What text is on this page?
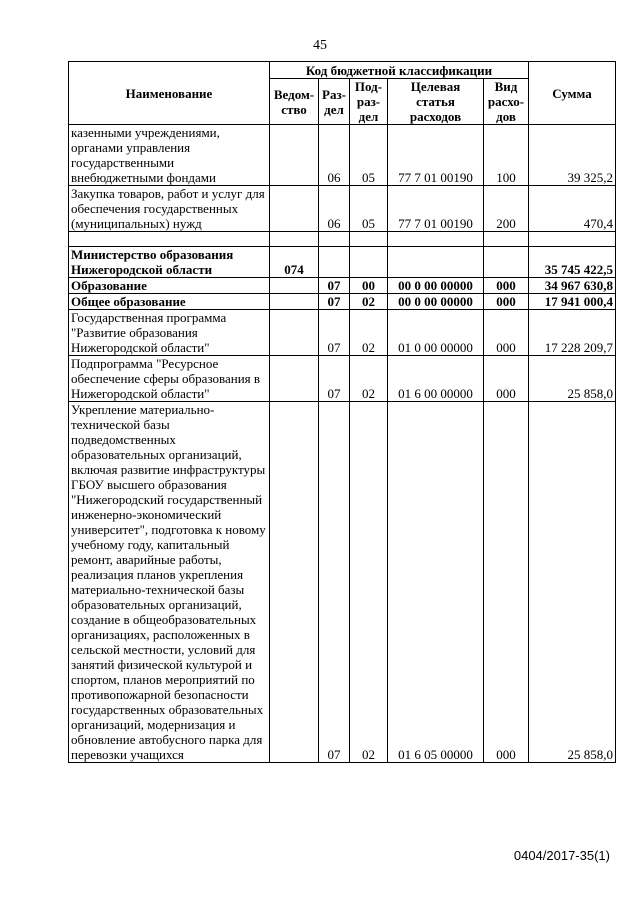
45
Наименование	Код бюджетной классификации					Сумма
	Ведом-ство	Раз-дел	Под-раз-дел	Целевая статья расходов	Вид расхо-дов	
казенными учреждениями, органами управления государственными внебюджетными фондами		06	05	77 7 01 00190	100	39 325,2
Закупка товаров, работ и услуг для обеспечения государственных (муниципальных) нужд		06	05	77 7 01 00190	200	470,4

Министерство образования Нижегородской области	074					35 745 422,5
Образование		07	00	00 0 00 00000	000	34 967 630,8
Общее образование		07	02	00 0 00 00000	000	17 941 000,4
Государственная программа "Развитие образования Нижегородской области"		07	02	01 0 00 00000	000	17 228 209,7
Подпрограмма "Ресурсное обеспечение сферы образования в Нижегородской области"		07	02	01 6 00 00000	000	25 858,0
Укрепление материально-технической базы подведомственных образовательных организаций, включая развитие инфраструктуры ГБОУ высшего образования "Нижегородский государственный инженерно-экономический университет", подготовка к новому учебному году, капитальный ремонт, аварийные работы, реализация планов укрепления материально-технической базы образовательных организаций, создание в общеобразовательных организациях, расположенных в сельской местности, условий для занятий физической культурой и спортом, планов мероприятий по противопожарной безопасности государственных образовательных организаций, модернизация и обновление автобусного парка для перевозки учащихся		07	02	01 6 05 00000	000	25 858,0
0404/2017-35(1)
